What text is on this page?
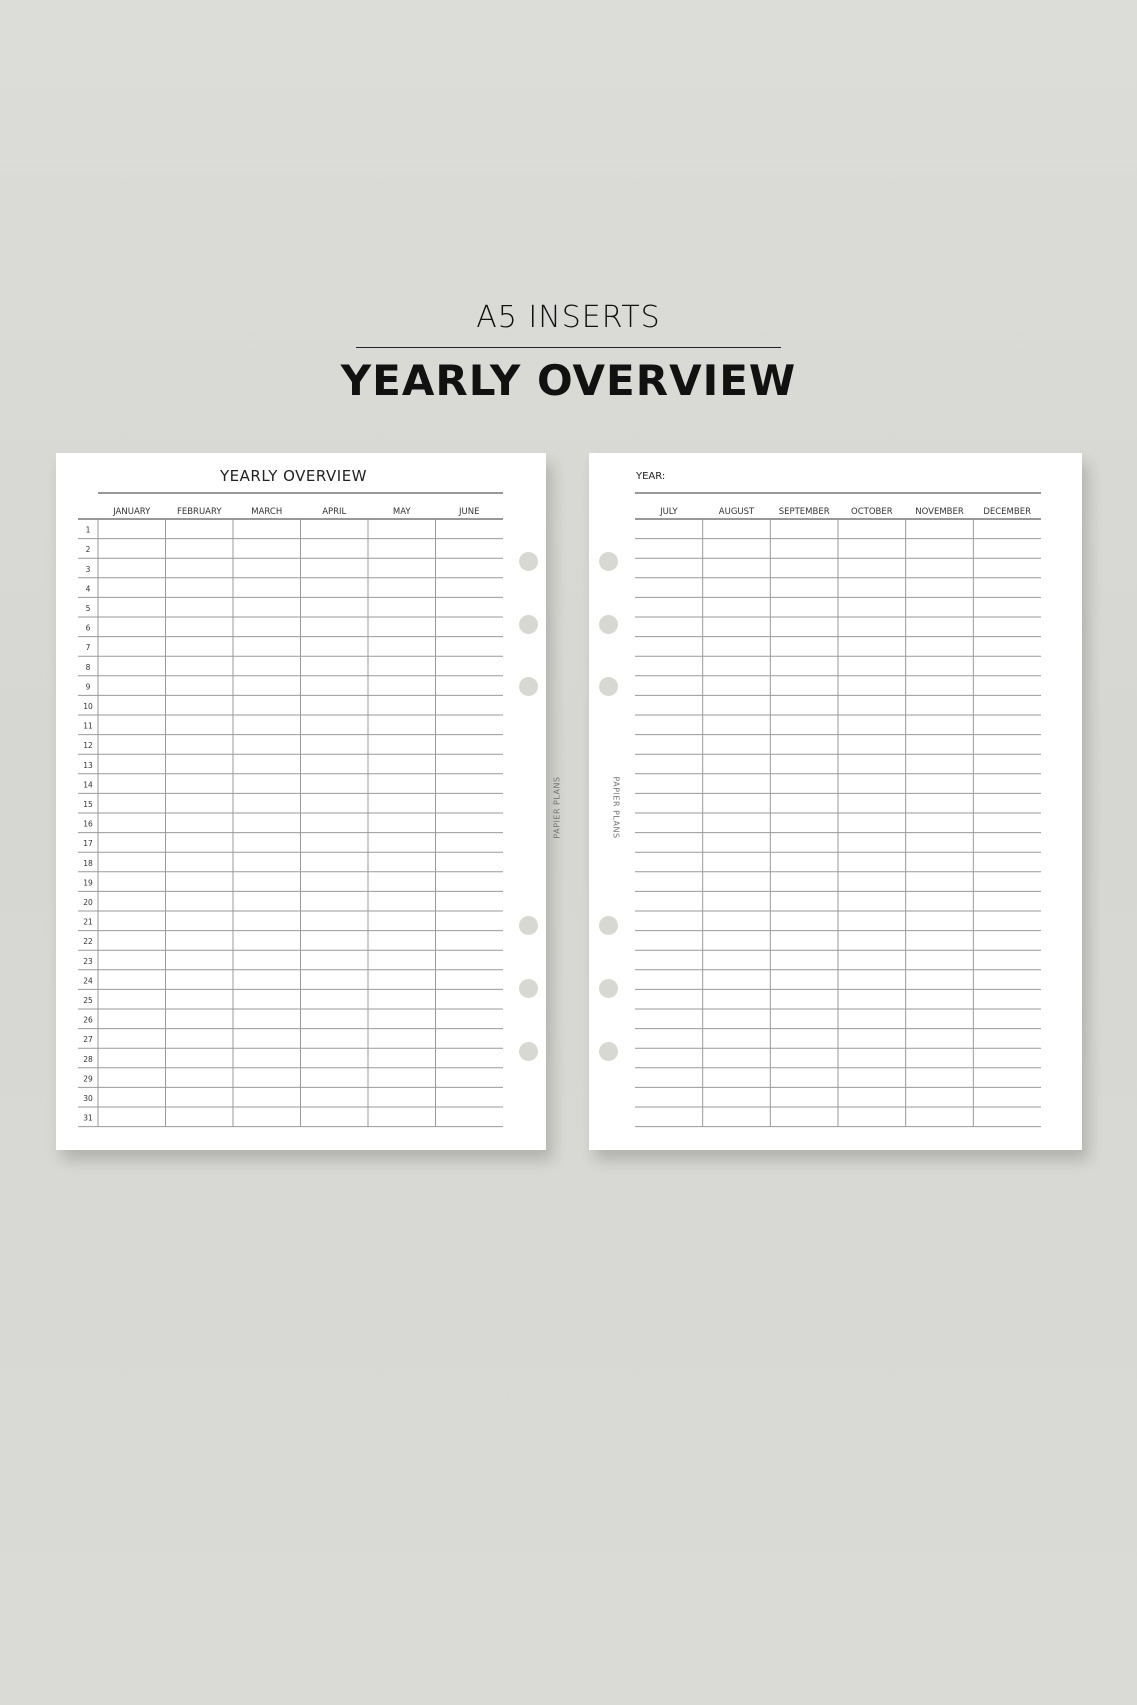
A5 INSERTS
YEARLY OVERVIEW
YEARLY OVERVIEW
JANUARY	FEBRUARY	MARCH	APRIL	MAY	JUNE
1
2
3
4
5
6
7
8
9
10
11
12
13
14
15
16
17
18
19
20
21
22
23
24
25
26
27
28
29
30
31
PAPIER PLANS
YEAR:
JULY	AUGUST	SEPTEMBER	OCTOBER	NOVEMBER DECEMBER
PAPIER PLANS
